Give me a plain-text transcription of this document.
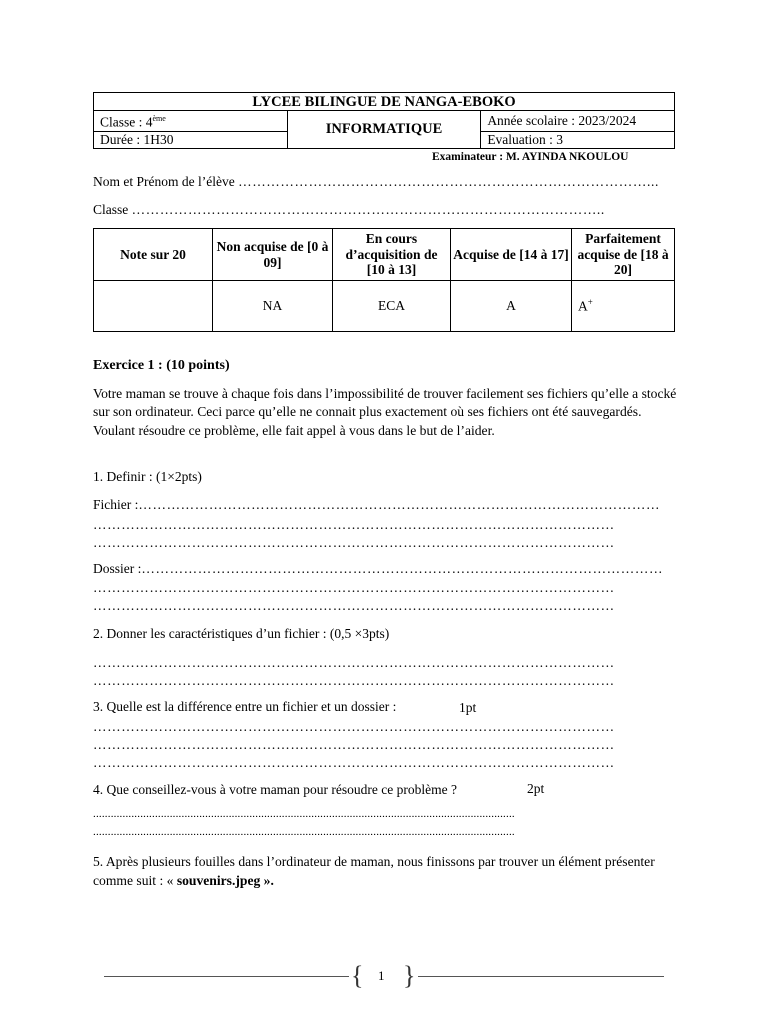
LYCEE BILINGUE DE NANGA-EBOKO		
Classe : 4ème	INFORMATIQUE	Année scolaire : 2023/2024
Durée : 1H30		Evaluation : 3
Examinateur : M. AYINDA NKOULOU
Nom et Prénom de l’élève ……………………………………………………………………………...
Classe ………………………………………………………………………………………..
Note sur 20	Non acquise de [0 à 09]	En cours d’acquisition de [10 à 13]	Acquise de [14 à 17]	Parfaitement acquise de [18 à 20]
	NA	ECA	A	A+
Exercice 1 : (10 points)
Votre maman se trouve à chaque fois dans l’impossibilité de trouver facilement ses fichiers qu’elle a stocké sur son ordinateur. Ceci parce qu’elle ne connait plus exactement où ses fichiers ont été sauvegardés. Voulant résoudre ce problème, elle fait appel à vous dans le but de l’aider.
1. Definir : (1×2pts)
Fichier :…………………………………………………………………………………………………
…………………………………………………………………………………………………
…………………………………………………………………………………………………
Dossier :…………………………………………………………………………………………………
…………………………………………………………………………………………………
…………………………………………………………………………………………………
2. Donner les caractéristiques d’un fichier : (0,5 ×3pts)
…………………………………………………………………………………………………
…………………………………………………………………………………………………
3. Quelle est la différence entre un fichier et un dossier :	1pt
…………………………………………………………………………………………………
…………………………………………………………………………………………………
…………………………………………………………………………………………………
4. Que conseillez-vous à votre maman pour résoudre ce problème ?	2pt
...............................................................................................................................................
...............................................................................................................................................
5. Après plusieurs fouilles dans l’ordinateur de maman, nous finissons par trouver un élément présenter comme suit : « souvenirs.jpeg ».
{ 1 }
